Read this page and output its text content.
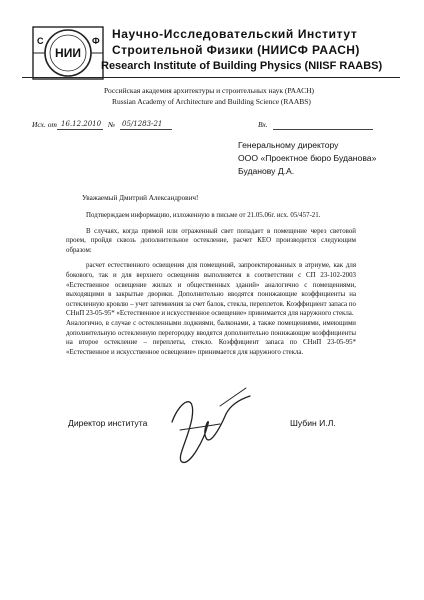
С	Ф
НИИ
Научно-Исследовательский Институт
Строительной Физики (НИИСФ РААСН)
Research Institute of Building Physics (NIISF RAABS)
Российская академия архитектуры и строительных наук (РААСН)
Russian Academy of Architecture and Building Science (RAABS)
Исх. от 16.12.2010 № 05/1283-21	Вх.
Генеральному директору
ООО «Проектное бюро Буданова»
Буданову Д.А.
Уважаемый Дмитрий Александрович!

Подтверждаем информацию, изложенную в письме от 21.05.06г. исх. 05/457-21.

В случаях, когда прямой или отраженный свет попадает в помещение через световой проем, пройдя сквозь дополнительное остекление, расчет КЕО производится следующим образом:

расчет естественного освещения для помещений, запроектированных в атриуме, как для бокового, так и для верхнего освещения выполняется в соответствии с СП 23-102-2003 «Естественное освещение жилых и общественных зданий» аналогично с помещениями, выходящими в закрытые дворики. Дополнительно вводятся понижающие коэффициенты на остекленную кровлю – учет затемнения за счет балок, стекла, переплетов. Коэффициент запаса по СНиП 23-05-95* «Естественное и искусственное освещение» принимается для наружного стекла.

Аналогично, в случае с остекленными лоджиями, балконами, а также помещениями, имеющими дополнительную остекленную перегородку вводятся дополнительно понижающие коэффициенты на второе остекление – переплеты, стекло. Коэффициент запаса по СНиП 23-05-95* «Естественное и искусственное освещение» принимается для наружного стекла.

Директор института	Шубин И.Л.
